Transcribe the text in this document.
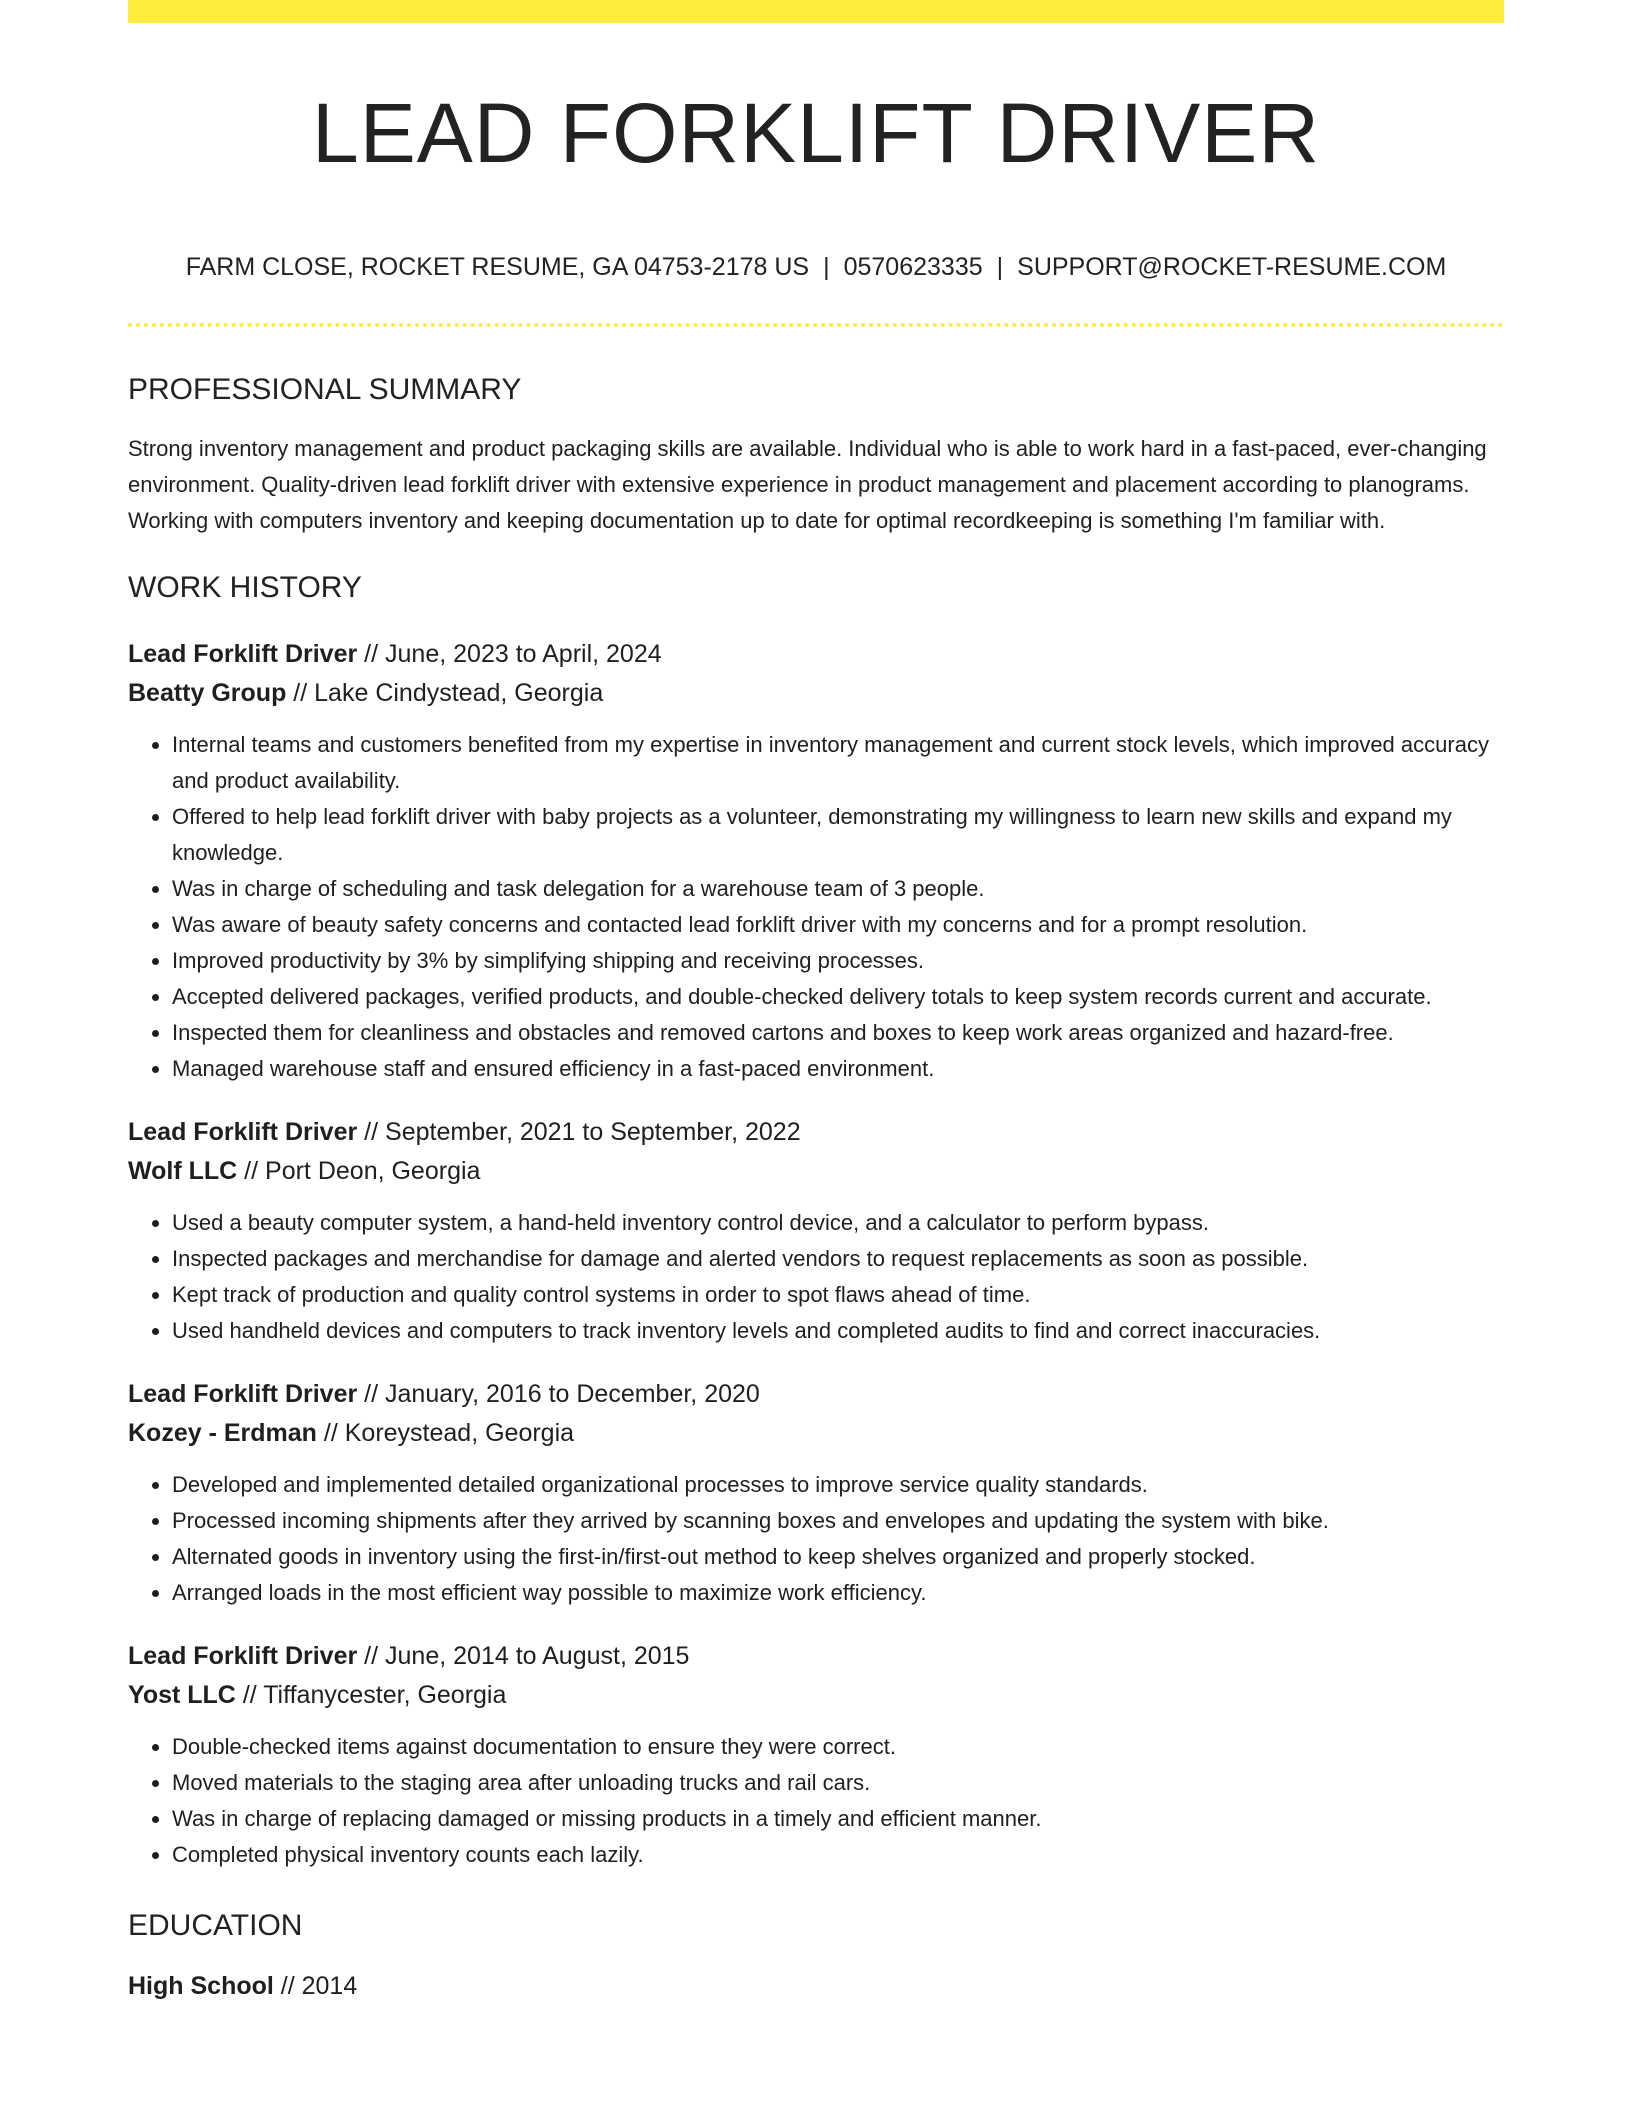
LEAD FORKLIFT DRIVER
FARM CLOSE, ROCKET RESUME, GA 04753-2178 US | 0570623335 | SUPPORT@ROCKET-RESUME.COM
PROFESSIONAL SUMMARY

Strong inventory management and product packaging skills are available. Individual who is able to work hard in a fast-paced, ever-changing environment. Quality-driven lead forklift driver with extensive experience in product management and placement according to planograms. Working with computers inventory and keeping documentation up to date for optimal recordkeeping is something I'm familiar with.

WORK HISTORY
Lead Forklift Driver // June, 2023 to April, 2024
Beatty Group // Lake Cindystead, Georgia
• Internal teams and customers benefited from my expertise in inventory management and current stock levels, which improved accuracy and product availability.
• Offered to help lead forklift driver with baby projects as a volunteer, demonstrating my willingness to learn new skills and expand my knowledge.
• Was in charge of scheduling and task delegation for a warehouse team of 3 people.
• Was aware of beauty safety concerns and contacted lead forklift driver with my concerns and for a prompt resolution.
• Improved productivity by 3% by simplifying shipping and receiving processes.
• Accepted delivered packages, verified products, and double-checked delivery totals to keep system records current and accurate.
• Inspected them for cleanliness and obstacles and removed cartons and boxes to keep work areas organized and hazard-free.
• Managed warehouse staff and ensured efficiency in a fast-paced environment.
Lead Forklift Driver // September, 2021 to September, 2022
Wolf LLC // Port Deon, Georgia
• Used a beauty computer system, a hand-held inventory control device, and a calculator to perform bypass.
• Inspected packages and merchandise for damage and alerted vendors to request replacements as soon as possible.
• Kept track of production and quality control systems in order to spot flaws ahead of time.
• Used handheld devices and computers to track inventory levels and completed audits to find and correct inaccuracies.
Lead Forklift Driver // January, 2016 to December, 2020
Kozey - Erdman // Koreystead, Georgia
• Developed and implemented detailed organizational processes to improve service quality standards.
• Processed incoming shipments after they arrived by scanning boxes and envelopes and updating the system with bike.
• Alternated goods in inventory using the first-in/first-out method to keep shelves organized and properly stocked.
• Arranged loads in the most efficient way possible to maximize work efficiency.
Lead Forklift Driver // June, 2014 to August, 2015
Yost LLC // Tiffanycester, Georgia
• Double-checked items against documentation to ensure they were correct.
• Moved materials to the staging area after unloading trucks and rail cars.
• Was in charge of replacing damaged or missing products in a timely and efficient manner.
• Completed physical inventory counts each lazily.
EDUCATION
High School // 2014
